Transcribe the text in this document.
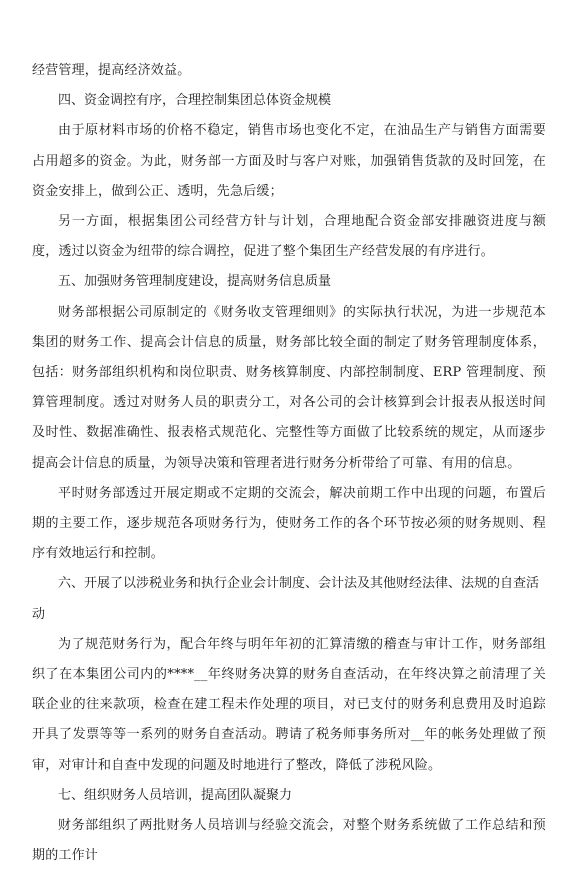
经营管理，提高经济效益。

四、资金调控有序，合理控制集团总体资金规模

由于原材料市场的价格不稳定，销售市场也变化不定，在油品生产与销售方面需要占用超多的资金。为此，财务部一方面及时与客户对账，加强销售货款的及时回笼，在资金安排上，做到公正、透明，先急后缓；

另一方面，根据集团公司经营方针与计划，合理地配合资金部安排融资进度与额度，透过以资金为纽带的综合调控，促进了整个集团生产经营发展的有序进行。

五、加强财务管理制度建设，提高财务信息质量

财务部根据公司原制定的《财务收支管理细则》的实际执行状况，为进一步规范本集团的财务工作、提高会计信息的质量，财务部比较全面的制定了财务管理制度体系，包括：财务部组织机构和岗位职责、财务核算制度、内部控制制度、ERP 管理制度、预算管理制度。透过对财务人员的职责分工，对各公司的会计核算到会计报表从报送时间及时性、数据准确性、报表格式规范化、完整性等方面做了比较系统的规定，从而逐步提高会计信息的质量，为领导决策和管理者进行财务分析带给了可靠、有用的信息。

平时财务部透过开展定期或不定期的交流会，解决前期工作中出现的问题，布置后期的主要工作，逐步规范各项财务行为，使财务工作的各个环节按必须的财务规则、程序有效地运行和控制。

六、开展了以涉税业务和执行企业会计制度、会计法及其他财经法律、法规的自查活动

为了规范财务行为，配合年终与明年年初的汇算清缴的稽查与审计工作，财务部组织了在本集团公司内的****__年终财务决算的财务自查活动，在年终决算之前清理了关联企业的往来款项，检查在建工程未作处理的项目，对已支付的财务利息费用及时追踪开具了发票等等一系列的财务自查活动。聘请了税务师事务所对__年的帐务处理做了预审，对审计和自查中发现的问题及时地进行了整改，降低了涉税风险。

七、组织财务人员培训，提高团队凝聚力

财务部组织了两批财务人员培训与经验交流会，对整个财务系统做了工作总结和预期的工作计
